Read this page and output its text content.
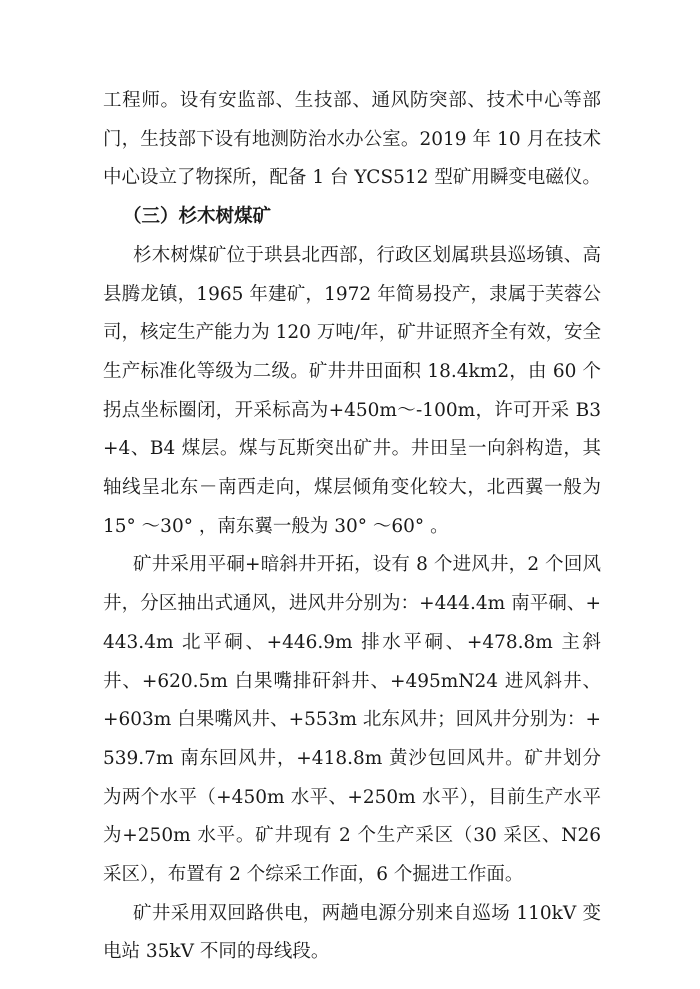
工程师。设有安监部、生技部、通风防突部、技术中心等部门，生技部下设有地测防治水办公室。2019 年 10 月在技术中心设立了物探所，配备 1 台 YCS512 型矿用瞬变电磁仪。

（三）杉木树煤矿

杉木树煤矿位于珙县北西部，行政区划属珙县巡场镇、高县腾龙镇，1965 年建矿，1972 年简易投产，隶属于芙蓉公司，核定生产能力为 120 万吨/年，矿井证照齐全有效，安全生产标准化等级为二级。矿井井田面积 18.4km2，由 60 个拐点坐标圈闭，开采标高为+450m～-100m，许可开采 B3+4、B4 煤层。煤与瓦斯突出矿井。井田呈一向斜构造，其轴线呈北东－南西走向，煤层倾角变化较大，北西翼一般为 15° ～30° ，南东翼一般为 30° ～60° 。

矿井采用平硐+暗斜井开拓，设有 8 个进风井，2 个回风井，分区抽出式通风，进风井分别为：+444.4m 南平硐、+443.4m 北平硐、+446.9m 排水平硐、+478.8m 主斜井、+620.5m 白果嘴排矸斜井、+495mN24 进风斜井、+603m 白果嘴风井、+553m 北东风井；回风井分别为：+539.7m 南东回风井，+418.8m 黄沙包回风井。矿井划分为两个水平（+450m 水平、+250m 水平），目前生产水平为+250m 水平。矿井现有 2 个生产采区（30 采区、N26 采区），布置有 2 个综采工作面，6 个掘进工作面。

矿井采用双回路供电，两趟电源分别来自巡场 110kV 变电站 35kV 不同的母线段。
